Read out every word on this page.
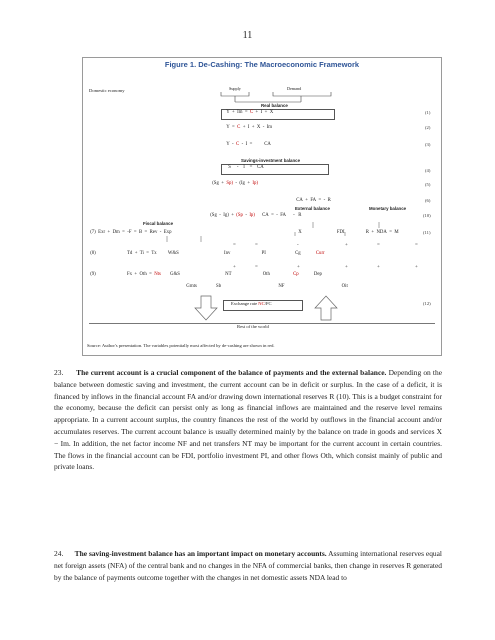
11
Figure 1. De-Cashing: The Macroeconomic Framework
Domestic economy	Supply	Demand
Real balance
Y + Im = C + I + X
Y = C + I + X - Im
Y - C - I =
CA
Savings-investment balance
S - I = CA
(Sg + Sp) - (Ig + Ip)
CA + FA = - R
External balance	Monetary balance
Fiscal balance
(Sg - Ig) + (Sp - Ip)
CA = - FA
- R
(7) Exr + Dm = -F = B = Rev - Exp	X	FDI	R + NDA = M
(8)	Td + Ti = Tx W&S	Inv	PI	Cg	Curr
(9)	Fx + Oth = Nts G&S	NT	Oth	Cp	Dep
Grnts	Sb	NF	Oit
=	=
+	=
-	+
+	+
=	=
+	+
Exchange rate NC/FC
Rest of the world
(1)
(2)
(3)
(4)
(5)
(6)
(10)
(11)
(12)
Source: Author's presentation. The variables potentially most affected by de-cashing are shown in red.
23. The current account is a crucial component of the balance of payments and the external balance. Depending on the balance between domestic saving and investment, the current account can be in deficit or surplus. In the case of a deficit, it is financed by inflows in the financial account FA and/or drawing down international reserves R (10). This is a budget constraint for the economy, because the deficit can persist only as long as financial inflows are maintained and the reserve level remains appropriate. In a current account surplus, the country finances the rest of the world by outflows in the financial account and/or accumulates reserves. The current account balance is usually determined mainly by the balance on trade in goods and services X − Im. In addition, the net factor income NF and net transfers NT may be important for the current account in certain countries. The flows in the financial account can be FDI, portfolio investment PI, and other flows Oth, which consist mainly of public and private loans.
24. The saving-investment balance has an important impact on monetary accounts. Assuming international reserves equal net foreign assets (NFA) of the central bank and no changes in the NFA of commercial banks, then change in reserves R generated by the balance of payments outcome together with the changes in net domestic assets NDA lead to
